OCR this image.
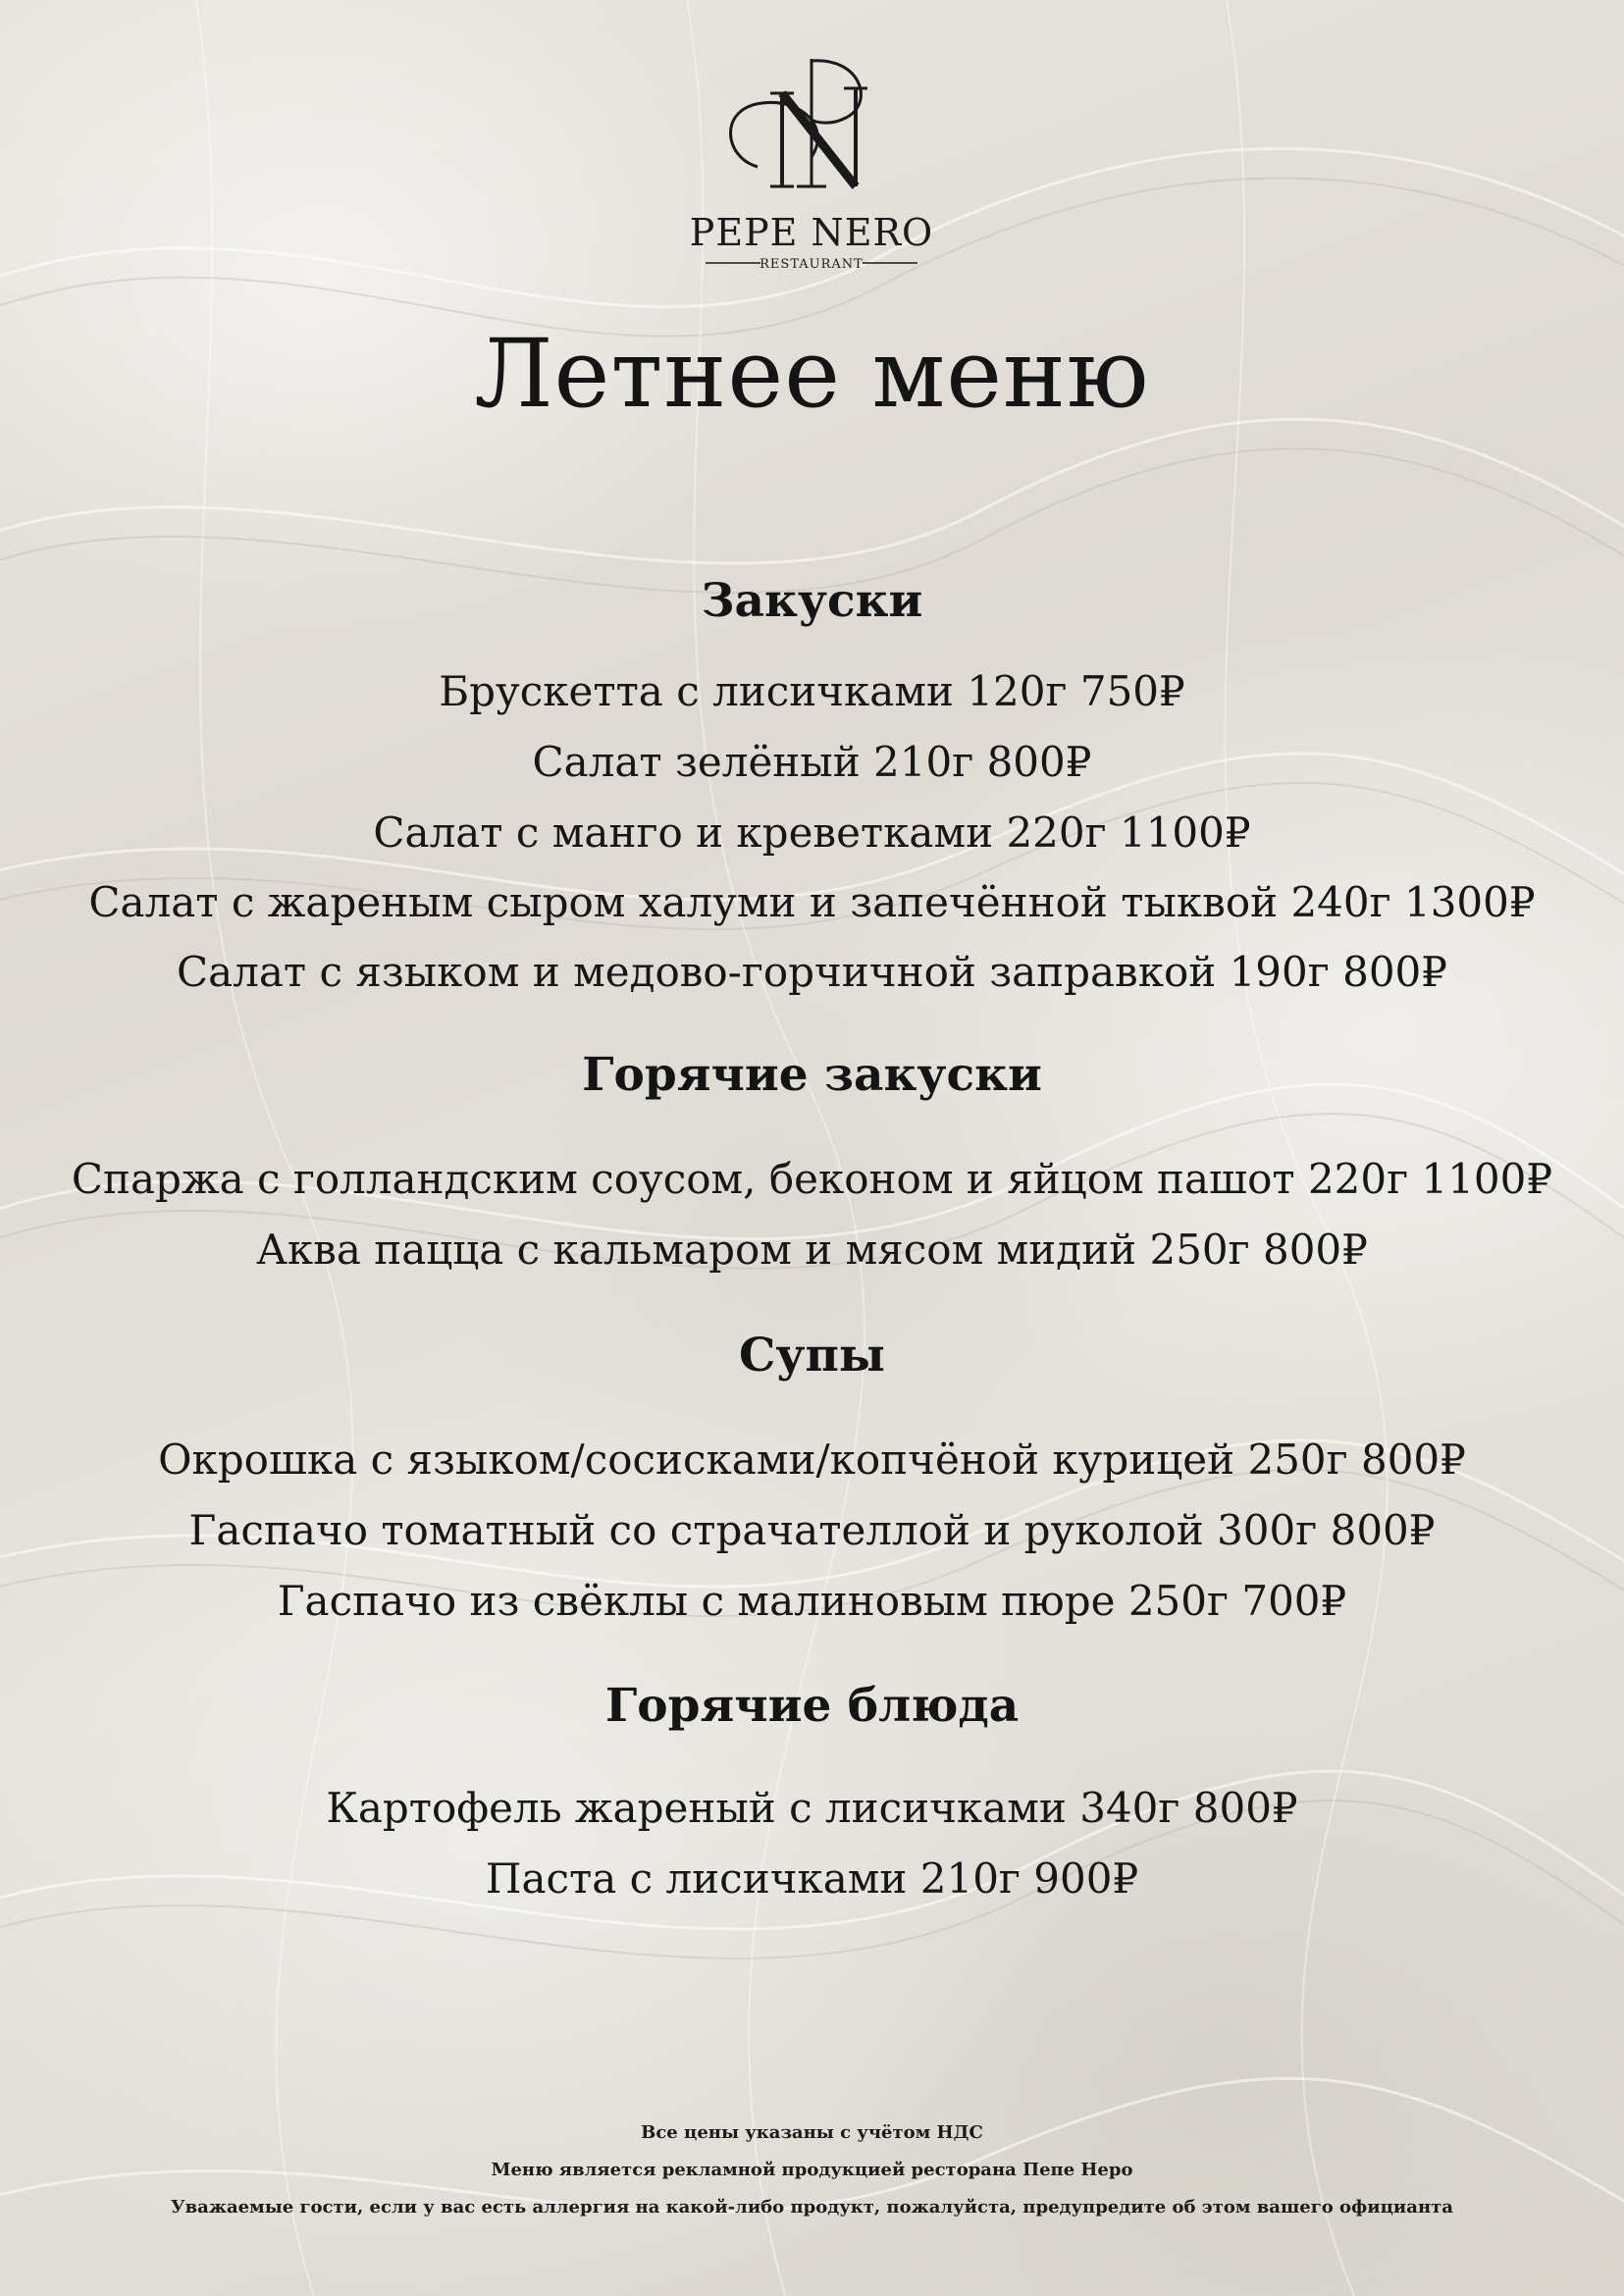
PEPE NERO
RESTAURANT
Летнее меню
Закуски

Брускетта с лисичками 120г 750₽

Салат зелёный 210г 800₽

Салат с манго и креветками 220г 1100₽

Салат с жареным сыром халуми и запечённой тыквой 240г 1300₽

Салат с языком и медово-горчичной заправкой 190г 800₽

Горячие закуски

Спаржа с голландским соусом, беконом и яйцом пашот 220г 1100₽

Аква пацца с кальмаром и мясом мидий 250г 800₽

Супы

Окрошка с языком/сосисками/копчёной курицей 250г 800₽

Гаспачо томатный со страчателлой и руколой 300г 800₽

Гаспачо из свёклы с малиновым пюре 250г 700₽

Горячие блюда

Картофель жареный с лисичками 340г 800₽

Паста с лисичками 210г 900₽

Все цены указаны с учётом НДС

Меню является рекламной продукцией ресторана Пепе Неро

Уважаемые гости, если у вас есть аллергия на какой-либо продукт, пожалуйста, предупредите об этом вашего официанта
